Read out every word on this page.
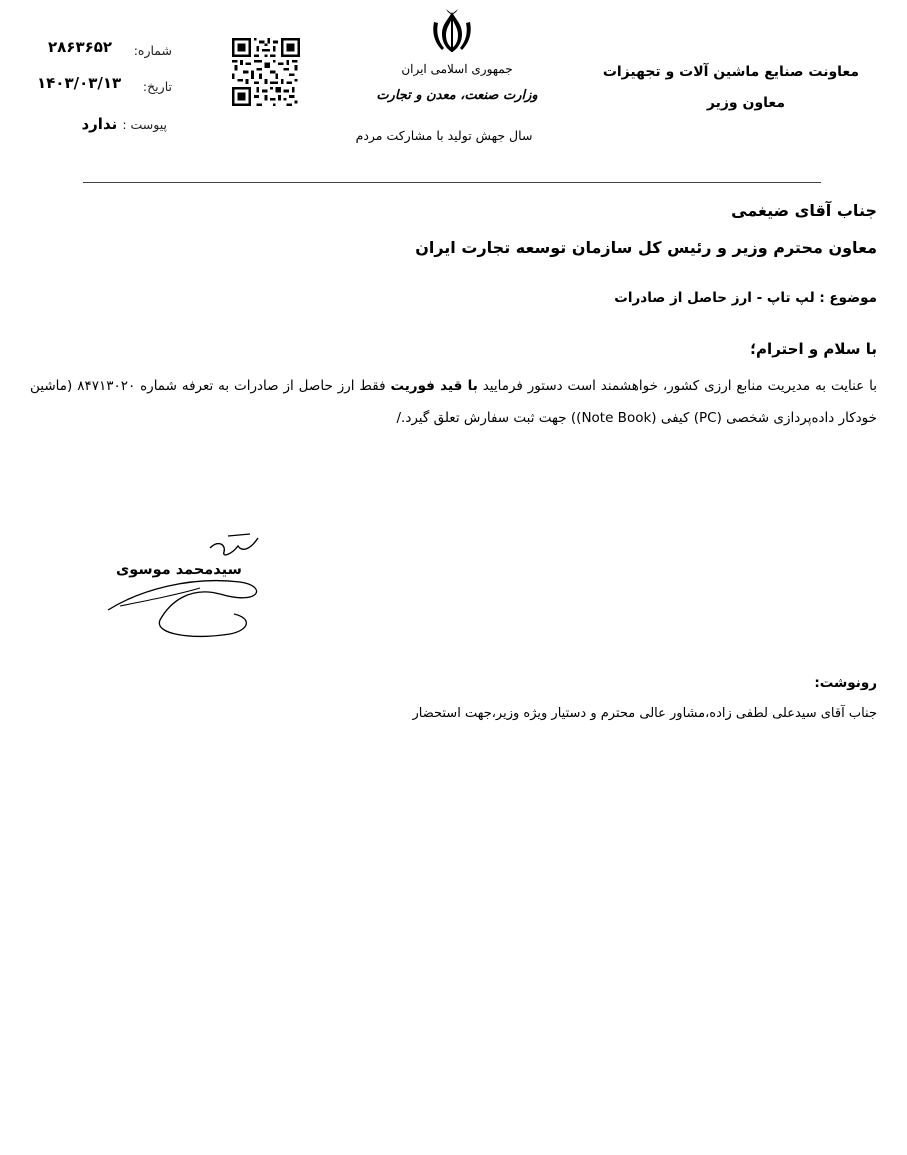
معاونت صنایع ماشین آلات و تجهیزات
معاون وزیر
جمهوری اسلامی ایران
وزارت صنعت، معدن و تجارت
سال جهش تولید با مشارکت مردم
شماره:
۲۸۶۳۶۵۲
تاریخ:
۱۴۰۳/۰۳/۱۳
پیوست : ندارد
جناب آقای ضیغمی
معاون محترم وزیر و رئیس کل سازمان توسعه تجارت ایران
موضوع : لپ تاپ - ارز حاصل از صادرات
با سلام و احترام؛
با عنایت به مدیریت منابع ارزی کشور، خواهشمند است دستور فرمایید با قید فوریت فقط ارز حاصل از صادرات به تعرفه شماره ۸۴۷۱۳۰۲۰ (ماشین خودکار داده‌پردازی شخصی (PC) کیفی (Note Book)) جهت ثبت سفارش تعلق گیرد./
سیدمحمد موسوی
رونوشت:
جناب آقای سیدعلی لطفی زاده،مشاور عالی محترم و دستیار ویژه وزیر،جهت استحضار
